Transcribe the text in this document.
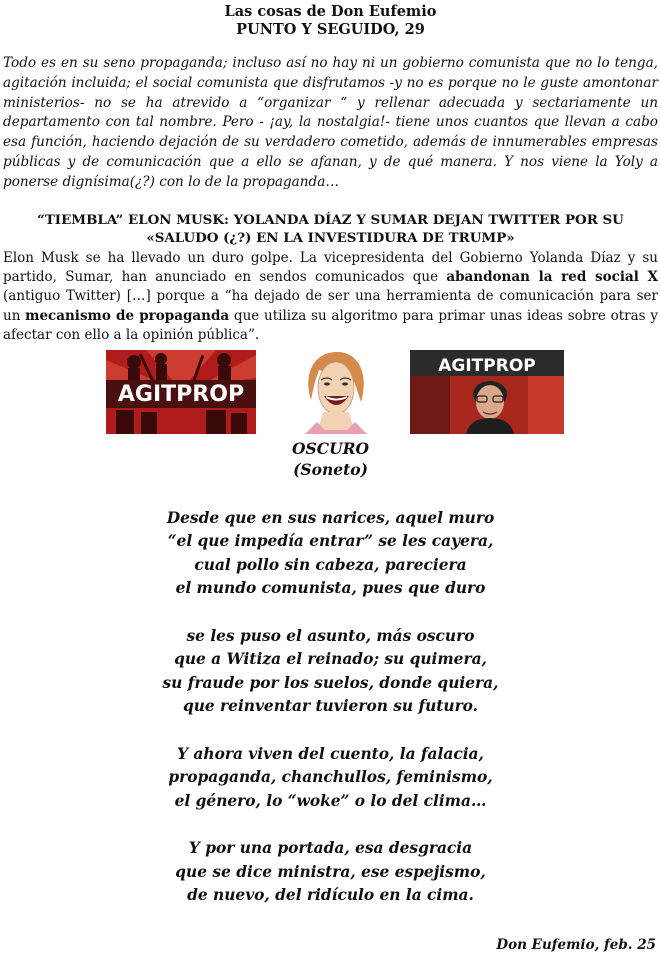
Las cosas de Don Eufemio
PUNTO Y SEGUIDO, 29

Todo es en su seno propaganda; incluso así no hay ni un gobierno comunista que no lo tenga, agitación incluida; el social comunista que disfrutamos -y no es porque no le guste amontonar ministerios- no se ha atrevido a “organizar “ y rellenar adecuada y sectariamente un departamento con tal nombre. Pero - ¡ay, la nostalgia!- tiene unos cuantos que llevan a cabo esa función, haciendo dejación de su verdadero cometido, además de innumerables empresas públicas y de comunicación que a ello se afanan, y de qué manera. Y nos viene la Yoly a ponerse dignísima(¿?) con lo de la propaganda…

“TIEMBLA” ELON MUSK: YOLANDA DÍAZ Y SUMAR DEJAN TWITTER POR SU
«SALUDO (¿?) EN LA INVESTIDURA DE TRUMP»

Elon Musk se ha llevado un duro golpe. La vicepresidenta del Gobierno Yolanda Díaz y su partido, Sumar, han anunciado en sendos comunicados que abandonan la red social X (antiguo Twitter) […] porque a “ha dejado de ser una herramienta de comunicación para ser un mecanismo de propaganda que utiliza su algoritmo para primar unas ideas sobre otras y afectar con ello a la opinión pública”.

AGITPROP
AGITPROP
OSCURO
(Soneto)
Desde que en sus narices, aquel muro
“el que impedía entrar” se les cayera,
cual pollo sin cabeza, pareciera
el mundo comunista, pues que duro
se les puso el asunto, más oscuro
que a Witiza el reinado; su quimera,
su fraude por los suelos, donde quiera,
que reinventar tuvieron su futuro.
Y ahora viven del cuento, la falacia,
propaganda, chanchullos, feminismo,
el género, lo “woke” o lo del clima…
Y por una portada, esa desgracia
que se dice ministra, ese espejismo,
de nuevo, del ridículo en la cima.
Don Eufemio, feb. 25
